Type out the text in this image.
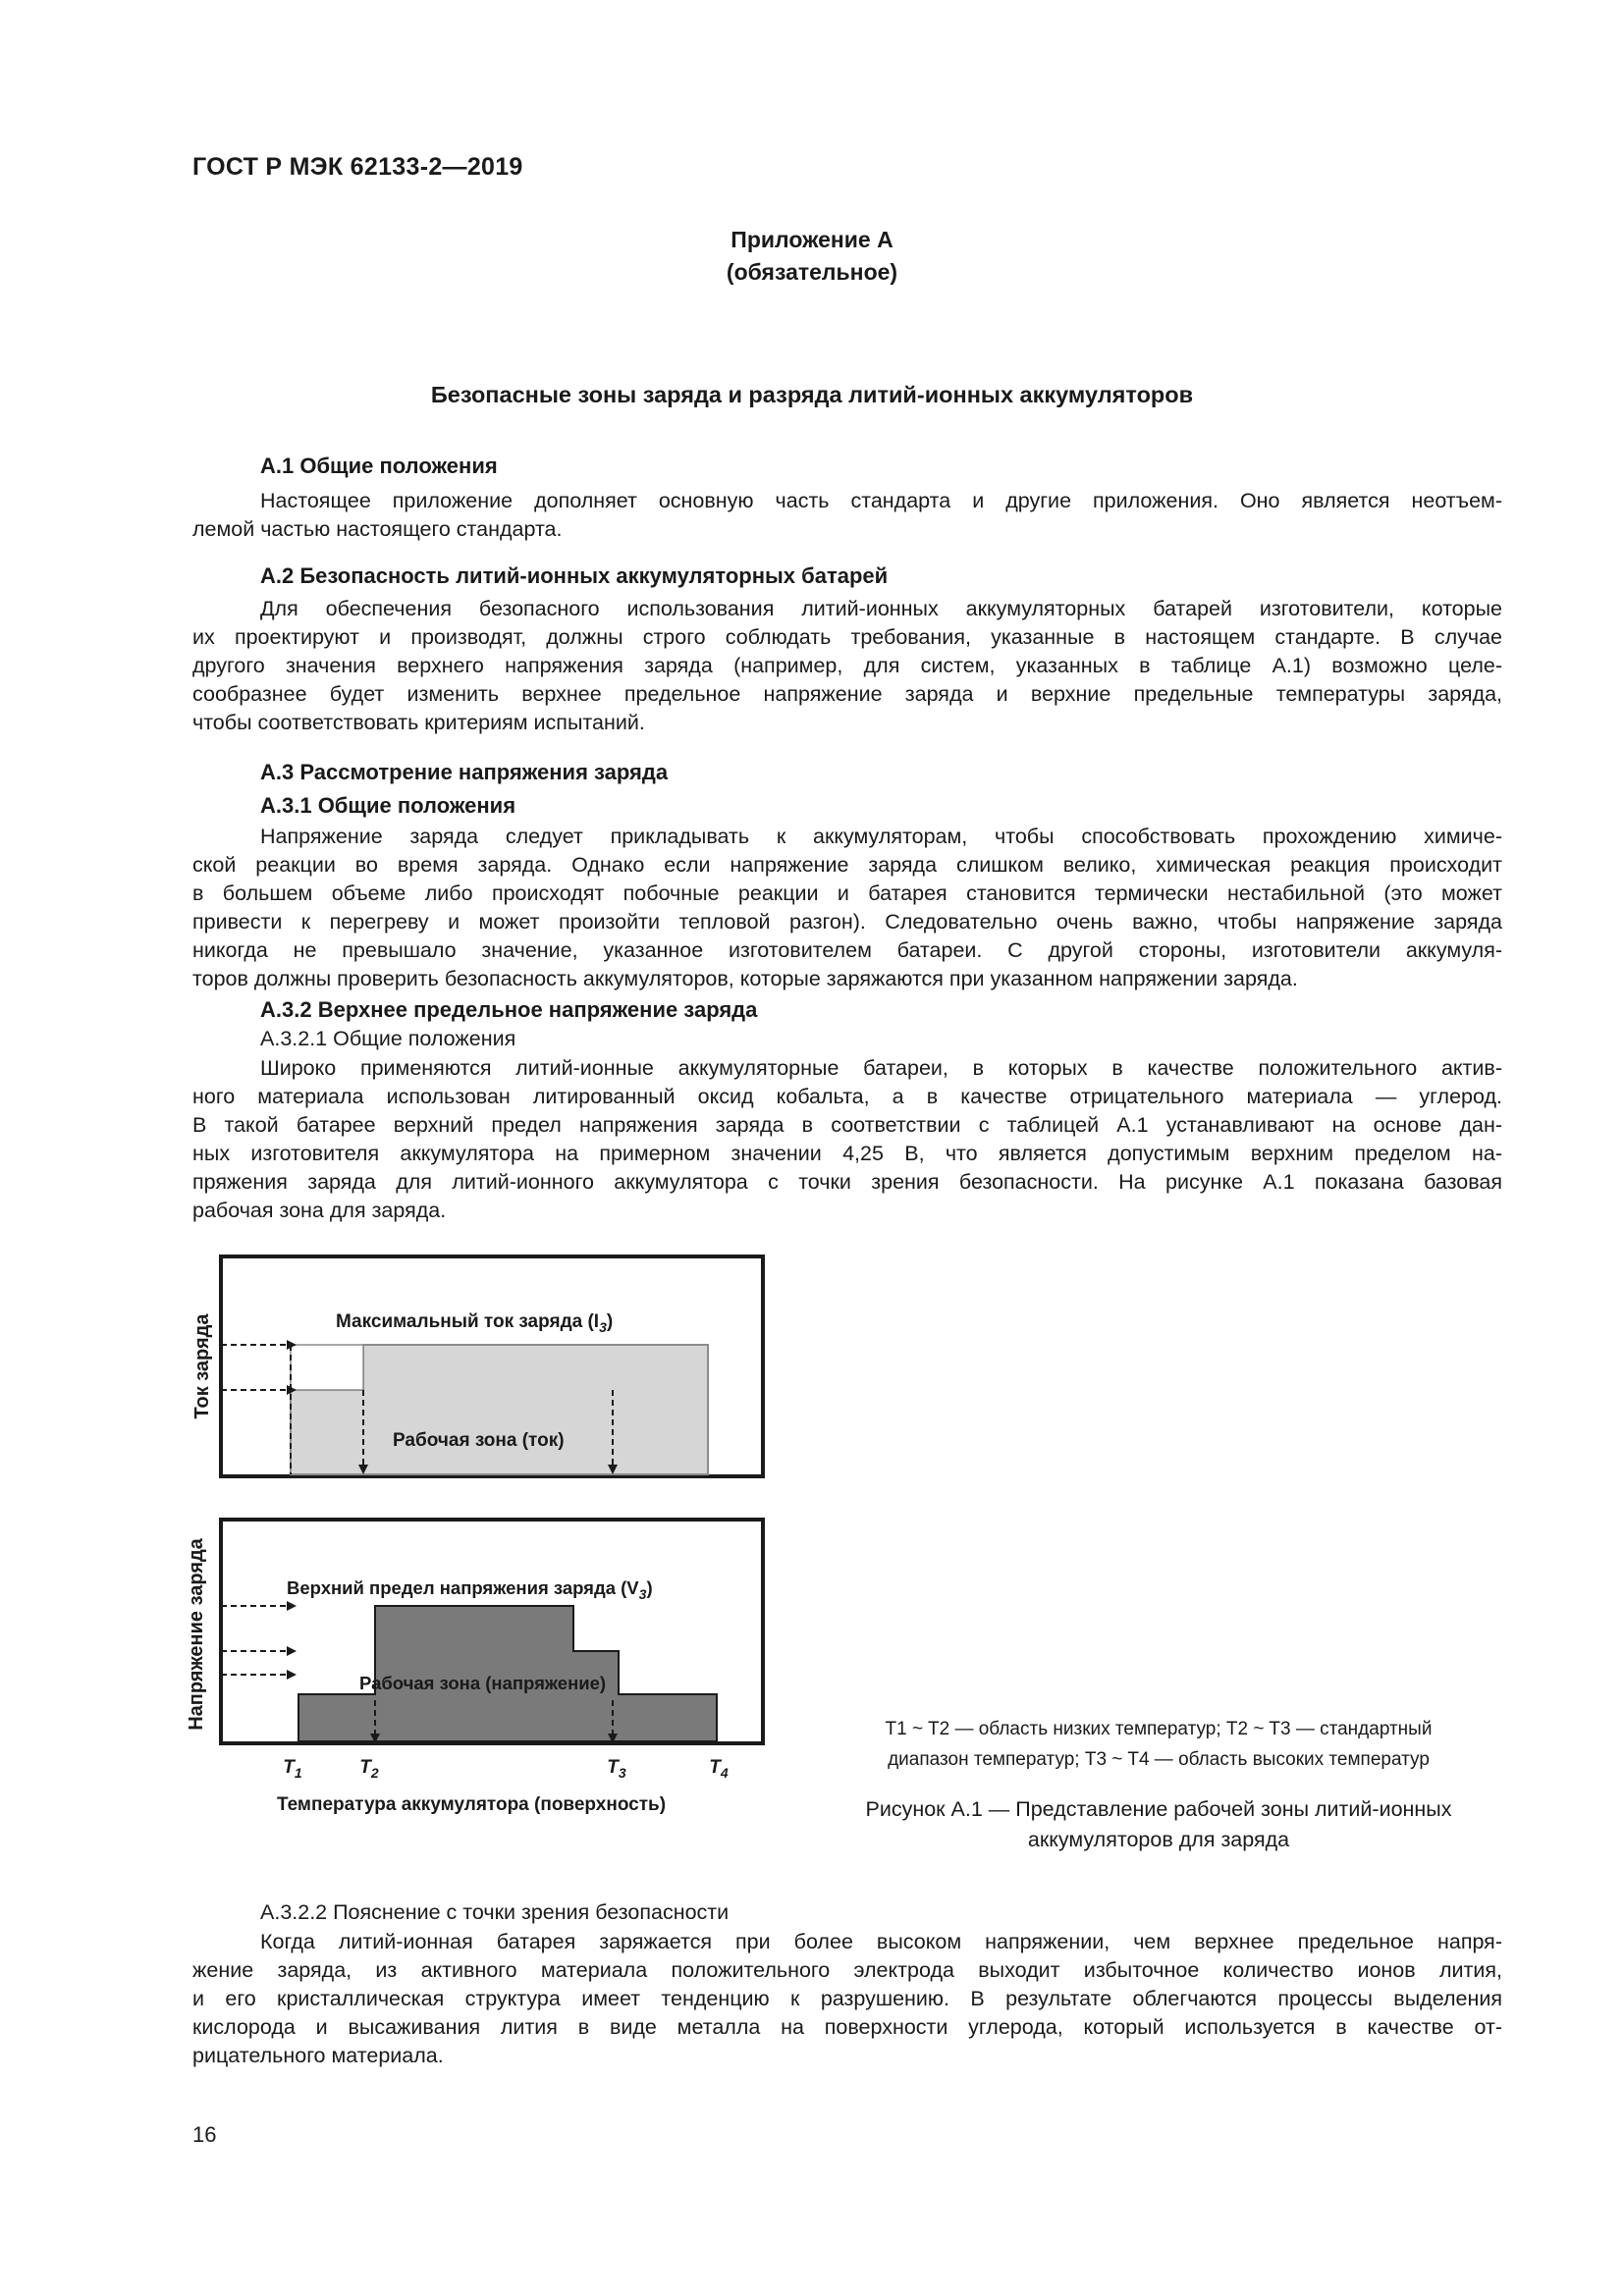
ГОСТ Р МЭК 62133-2—2019
Приложение А
(обязательное)
Безопасные зоны заряда и разряда литий-ионных аккумуляторов
А.1 Общие положения
Настоящее приложение дополняет основную часть стандарта и другие приложения. Оно является неотъем-
лемой частью настоящего стандарта.
А.2 Безопасность литий-ионных аккумуляторных батарей
Для обеспечения безопасного использования литий-ионных аккумуляторных батарей изготовители, которые
их проектируют и производят, должны строго соблюдать требования, указанные в настоящем стандарте. В случае
другого значения верхнего напряжения заряда (например, для систем, указанных в таблице А.1) возможно целе-
сообразнее будет изменить верхнее предельное напряжение заряда и верхние предельные температуры заряда,
чтобы соответствовать критериям испытаний.
А.3 Рассмотрение напряжения заряда
А.3.1 Общие положения
Напряжение заряда следует прикладывать к аккумуляторам, чтобы способствовать прохождению химиче-
ской реакции во время заряда. Однако если напряжение заряда слишком велико, химическая реакция происходит
в большем объеме либо происходят побочные реакции и батарея становится термически нестабильной (это может
привести к перегреву и может произойти тепловой разгон). Следовательно очень важно, чтобы напряжение заряда
никогда не превышало значение, указанное изготовителем батареи. С другой стороны, изготовители аккумуля-
торов должны проверить безопасность аккумуляторов, которые заряжаются при указанном напряжении заряда.
А.3.2 Верхнее предельное напряжение заряда
А.3.2.1 Общие положения
Широко применяются литий-ионные аккумуляторные батареи, в которых в качестве положительного актив-
ного материала использован литированный оксид кобальта, а в качестве отрицательного материала — углерод.
В такой батарее верхний предел напряжения заряда в соответствии с таблицей А.1 устанавливают на основе дан-
ных изготовителя аккумулятора на примерном значении 4,25 В, что является допустимым верхним пределом на-
пряжения заряда для литий-ионного аккумулятора с точки зрения безопасности. На рисунке А.1 показана базовая
рабочая зона для заряда.
Максимальный ток заряда $(I_3)$
Рабочая зона (ток)
Ток заряда
Верхний предел напряжения заряда $(V_3)$
Рабочая зона (напряжение)
Напряжение заряда
$T_1$	$T_2$	$T_3$	$T_4$
Температура аккумулятора (поверхность)
T1 ~ T2 — область низких температур; T2 ~ T3 — стандартный
диапазон температур; T3 ~ T4 — область высоких температур
Рисунок А.1 — Представление рабочей зоны литий-ионных
аккумуляторов для заряда
А.3.2.2 Пояснение с точки зрения безопасности
Когда литий-ионная батарея заряжается при более высоком напряжении, чем верхнее предельное напря-
жение заряда, из активного материала положительного электрода выходит избыточное количество ионов лития,
и его кристаллическая структура имеет тенденцию к разрушению. В результате облегчаются процессы выделения
кислорода и высаживания лития в виде металла на поверхности углерода, который используется в качестве от-
рицательного материала.
16
